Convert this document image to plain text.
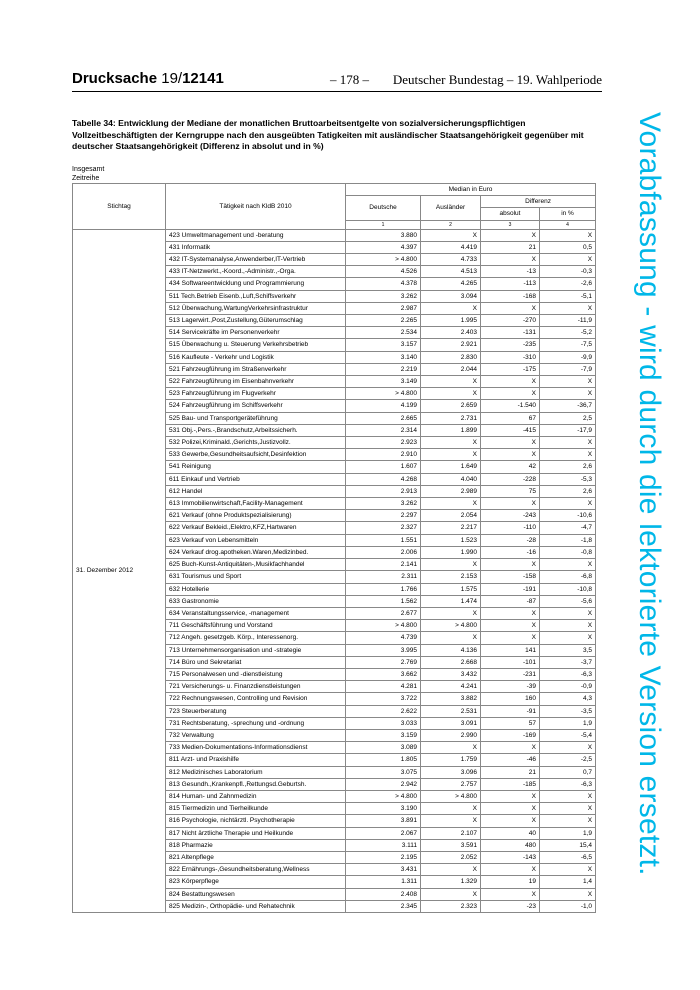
Drucksache 19/12141	– 178 – Deutscher Bundestag – 19. Wahlperiode
Tabelle 34: Entwicklung der Mediane der monatlichen Bruttoarbeitsentgelte von sozialversicherungspflichtigen Vollzeitbeschäftigten der Kerngruppe nach den ausgeübten Tatigkeiten mit ausländischer Staatsangehörigkeit gegenüber mit deutscher Staatsangehörigkeit (Differenz in absolut und in %)
Insgesamt
Zeitreihe
Stichtag	Tätigkeit nach KldB 2010	Median in Euro			
		Deutsche	Ausländer	Differenz	
				absolut	in %
		1	2	3	4
31. Dezember 2012	423 Umweltmanagement und -beratung	3.880	X	X	X
	431 Informatik	4.397	4.419	21	0,5
	432 IT-Systemanalyse,Anwenderber,IT-Vertrieb	> 4.800	4.733	X	X
	433 IT-Netzwerkt.,-Koord.,-Administr.,-Orga.	4.526	4.513	-13	-0,3
	434 Softwareentwicklung und Programmierung	4.378	4.265	-113	-2,6
	511 Tech.Betrieb Eisenb.,Luft,Schiffsverkehr	3.262	3.094	-168	-5,1
	512 Überwachung,WartungVerkehrsinfrastruktur	2.987	X	X	X
	513 Lagerwirt.,Post,Zustellung,Güterumschlag	2.265	1.995	-270	-11,9
	514 Servicekräfte im Personenverkehr	2.534	2.403	-131	-5,2
	515 Überwachung u. Steuerung Verkehrsbetrieb	3.157	2.921	-235	-7,5
	516 Kaufleute - Verkehr und Logistik	3.140	2.830	-310	-9,9
	521 Fahrzeugführung im Straßenverkehr	2.219	2.044	-175	-7,9
	522 Fahrzeugführung im Eisenbahnverkehr	3.149	X	X	X
	523 Fahrzeugführung im Flugverkehr	> 4.800	X	X	X
	524 Fahrzeugführung im Schiffsverkehr	4.199	2.659	-1.540	-36,7
	525 Bau- und Transportgeräteführung	2.665	2.731	67	2,5
	531 Obj.-,Pers.-,Brandschutz,Arbeitssicherh.	2.314	1.899	-415	-17,9
	532 Polizei,Kriminald.,Gerichts,Justizvollz.	2.923	X	X	X
	533 Gewerbe,Gesundheitsaufsicht,Desinfektion	2.910	X	X	X
	541 Reinigung	1.607	1.649	42	2,6
	611 Einkauf und Vertrieb	4.268	4.040	-228	-5,3
	612 Handel	2.913	2.989	75	2,6
	613 Immobilienwirtschaft,Facility-Management	3.262	X	X	X
	621 Verkauf (ohne Produktspezialisierung)	2.297	2.054	-243	-10,6
	622 Verkauf Bekleid.,Elektro,KFZ,Hartwaren	2.327	2.217	-110	-4,7
	623 Verkauf von Lebensmitteln	1.551	1.523	-28	-1,8
	624 Verkauf drog.apotheken.Waren,Medizinbed.	2.006	1.990	-16	-0,8
	625 Buch-Kunst-Antiquitäten-,Musikfachhandel	2.141	X	X	X
	631 Tourismus und Sport	2.311	2.153	-158	-6,8
	632 Hotellerie	1.766	1.575	-191	-10,8
	633 Gastronomie	1.562	1.474	-87	-5,6
	634 Veranstaltungsservice, -management	2.677	X	X	X
	711 Geschäftsführung und Vorstand	> 4.800	> 4.800	X	X
	712 Angeh. gesetzgeb. Körp., Interessenorg.	4.739	X	X	X
	713 Unternehmensorganisation und -strategie	3.995	4.136	141	3,5
	714 Büro und Sekretariat	2.769	2.668	-101	-3,7
	715 Personalwesen und -dienstleistung	3.662	3.432	-231	-6,3
	721 Versicherungs- u. Finanzdienstleistungen	4.281	4.241	-39	-0,9
	722 Rechnungswesen, Controlling und Revision	3.722	3.882	160	4,3
	723 Steuerberatung	2.622	2.531	-91	-3,5
	731 Rechtsberatung, -sprechung und -ordnung	3.033	3.091	57	1,9
	732 Verwaltung	3.159	2.990	-169	-5,4
	733 Medien-Dokumentations-Informationsdienst	3.089	X	X	X
	811 Arzt- und Praxishilfe	1.805	1.759	-46	-2,5
	812 Medizinisches Laboratorium	3.075	3.096	21	0,7
	813 Gesundh.,Krankenpfl.,Rettungsd.Geburtsh.	2.942	2.757	-185	-6,3
	814 Human- und Zahnmedizin	> 4.800	> 4.800	X	X
	815 Tiermedizin und Tierheilkunde	3.190	X	X	X
	816 Psychologie, nichtärztl. Psychotherapie	3.891	X	X	X
	817 Nicht ärztliche Therapie und Heilkunde	2.067	2.107	40	1,9
	818 Pharmazie	3.111	3.591	480	15,4
	821 Altenpflege	2.195	2.052	-143	-6,5
	822 Ernährungs-,Gesundheitsberatung,Wellness	3.431	X	X	X
	823 Körperpflege	1.311	1.329	19	1,4
	824 Bestattungswesen	2.408	X	X	X
	825 Medizin-, Orthopädie- und Rehatechnik	2.345	2.323	-23	-1,0
Vorabfassung - wird durch die lektorierte Version ersetzt.
